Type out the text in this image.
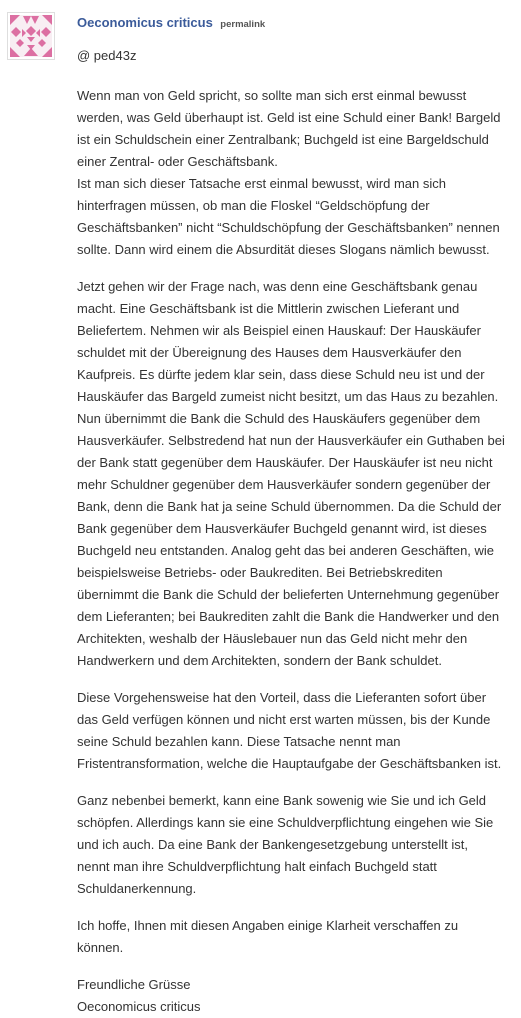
Oeconomicus criticus permalink
@ ped43z
Wenn man von Geld spricht, so sollte man sich erst einmal bewusst
werden, was Geld überhaupt ist. Geld ist eine Schuld einer Bank! Bargeld
ist ein Schuldschein einer Zentralbank; Buchgeld ist eine Bargeldschuld
einer Zentral- oder Geschäftsbank.
Ist man sich dieser Tatsache erst einmal bewusst, wird man sich
hinterfragen müssen, ob man die Floskel “Geldschöpfung der
Geschäftsbanken” nicht “Schuldschöpfung der Geschäftsbanken” nennen
sollte. Dann wird einem die Absurdität dieses Slogans nämlich bewusst.
Jetzt gehen wir der Frage nach, was denn eine Geschäftsbank genau
macht. Eine Geschäftsbank ist die Mittlerin zwischen Lieferant und
Beliefertem. Nehmen wir als Beispiel einen Hauskauf: Der Hauskäufer
schuldet mit der Übereignung des Hauses dem Hausverkäufer den
Kaufpreis. Es dürfte jedem klar sein, dass diese Schuld neu ist und der
Hauskäufer das Bargeld zumeist nicht besitzt, um das Haus zu bezahlen.
Nun übernimmt die Bank die Schuld des Hauskäufers gegenüber dem
Hausverkäufer. Selbstredend hat nun der Hausverkäufer ein Guthaben bei
der Bank statt gegenüber dem Hauskäufer. Der Hauskäufer ist neu nicht
mehr Schuldner gegenüber dem Hausverkäufer sondern gegenüber der
Bank, denn die Bank hat ja seine Schuld übernommen. Da die Schuld der
Bank gegenüber dem Hausverkäufer Buchgeld genannt wird, ist dieses
Buchgeld neu entstanden. Analog geht das bei anderen Geschäften, wie
beispielsweise Betriebs- oder Baukrediten. Bei Betriebskrediten
übernimmt die Bank die Schuld der belieferten Unternehmung gegenüber
dem Lieferanten; bei Baukrediten zahlt die Bank die Handwerker und den
Architekten, weshalb der Häuslebauer nun das Geld nicht mehr den
Handwerkern und dem Architekten, sondern der Bank schuldet.
Diese Vorgehensweise hat den Vorteil, dass die Lieferanten sofort über
das Geld verfügen können und nicht erst warten müssen, bis der Kunde
seine Schuld bezahlen kann. Diese Tatsache nennt man
Fristentransformation, welche die Hauptaufgabe der Geschäftsbanken ist.
Ganz nebenbei bemerkt, kann eine Bank sowenig wie Sie und ich Geld
schöpfen. Allerdings kann sie eine Schuldverpflichtung eingehen wie Sie
und ich auch. Da eine Bank der Bankengesetzgebung unterstellt ist,
nennt man ihre Schuldverpflichtung halt einfach Buchgeld statt
Schuldanerkennung.
Ich hoffe, Ihnen mit diesen Angaben einige Klarheit verschaffen zu
können.
Freundliche Grüsse
Oeconomicus criticus
